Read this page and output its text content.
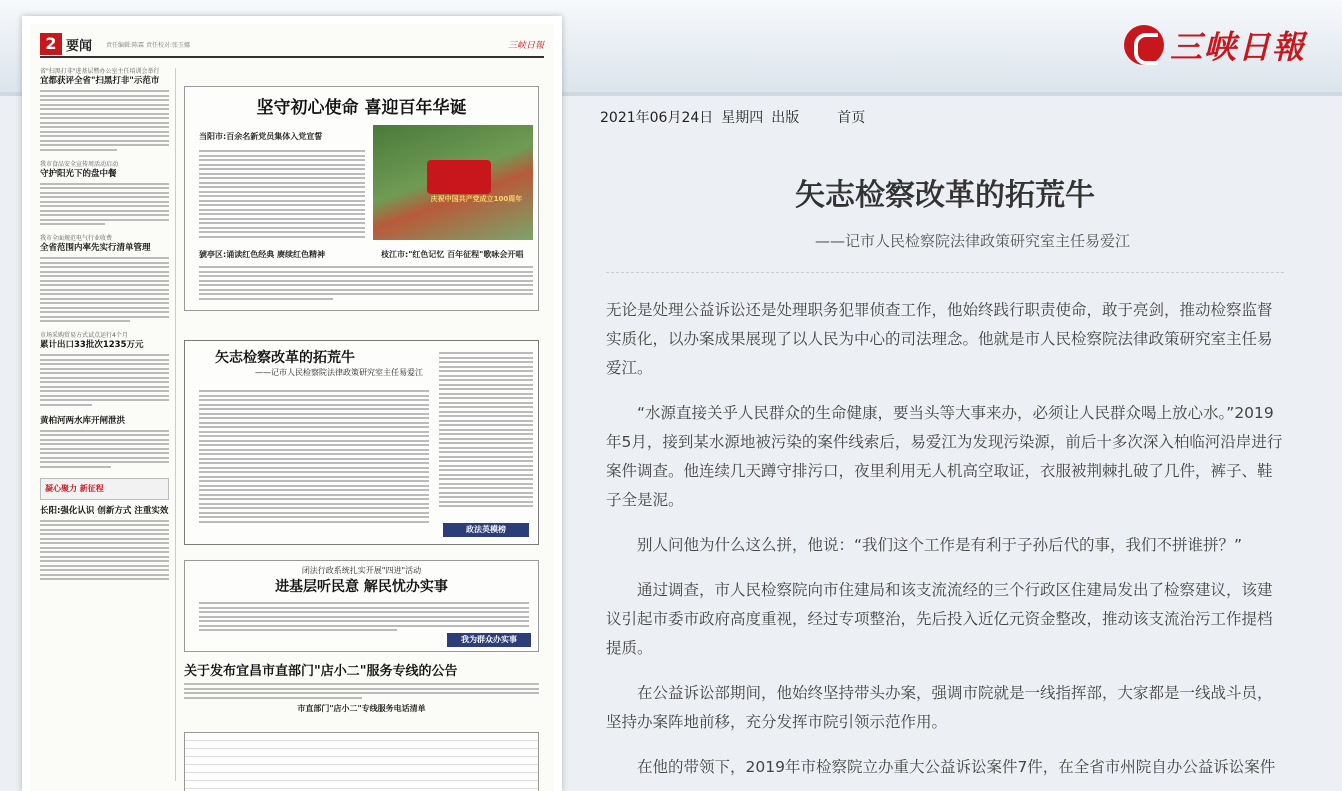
三峡日報
2 要闻 责任编辑:陈霖 责任校对:张玉娜	三峡日報
省"扫黑打非"进基层暨办公室主任培训会举行
宜都获评全省"扫黑打非"示范市
我市食品安全宣传周活动启动
守护阳光下的盘中餐
我市全面规范电气行业收费
全省范围内率先实行清单管理
市场采购贸易方式试点运行4个月
累计出口33批次1235万元
黄柏河两水库开闸泄洪
凝心聚力 新征程
长阳:强化认识 创新方式 注重实效
坚守初心使命 喜迎百年华诞
当阳市:百余名新党员集体入党宣誓
庆祝中国共产党成立100周年
猇亭区:诵读红色经典 赓续红色精神	枝江市:"红色记忆 百年征程"歌咏会开唱
矢志检察改革的拓荒牛
——记市人民检察院法律政策研究室主任易爱江
政法英模榜
闭法行政系统扎实开展"四进"活动
进基层听民意 解民忧办实事
我为群众办实事
关于发布宜昌市直部门"店小二"服务专线的公告
市直部门"店小二"专线服务电话清单
2021年06月24日 星期四 出版	首页
矢志检察改革的拓荒牛
——记市人民检察院法律政策研究室主任易爱江

无论是处理公益诉讼还是处理职务犯罪侦查工作，他始终践行职责使命，敢于亮剑，推动检察监督实质化，以办案成果展现了以人民为中心的司法理念。他就是市人民检察院法律政策研究室主任易爱江。

“水源直接关乎人民群众的生命健康，要当头等大事来办，必须让人民群众喝上放心水。”2019年5月，接到某水源地被污染的案件线索后，易爱江为发现污染源，前后十多次深入柏临河沿岸进行案件调查。他连续几天蹲守排污口，夜里利用无人机高空取证，衣服被荆棘扎破了几件，裤子、鞋子全是泥。

别人问他为什么这么拼，他说：“我们这个工作是有利于子孙后代的事，我们不拼谁拼？”

通过调查，市人民检察院向市住建局和该支流流经的三个行政区住建局发出了检察建议，该建议引起市委市政府高度重视，经过专项整治，先后投入近亿元资金整改，推动该支流治污工作提档提质。

在公益诉讼部期间，他始终坚持带头办案，强调市院就是一线指挥部，大家都是一线战斗员，坚持办案阵地前移，充分发挥市院引领示范作用。

在他的带领下，2019年市检察院立办重大公益诉讼案件7件，在全省市州院自办公益诉讼案件
